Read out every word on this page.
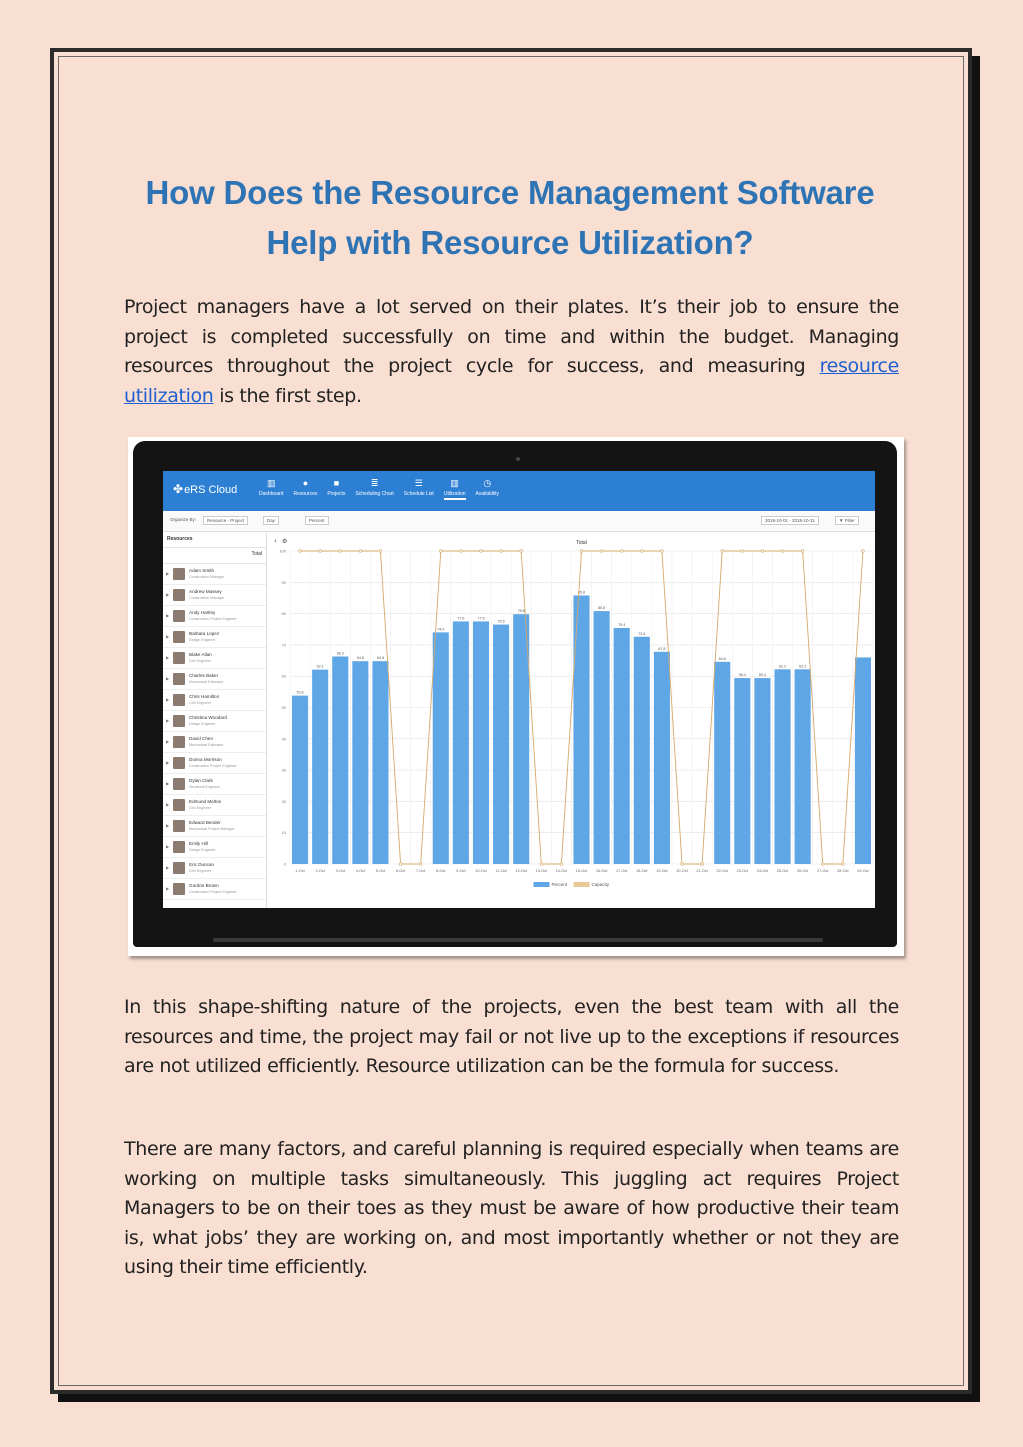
How Does the Resource Management Software
Help with Resource Utilization?
Project managers have a lot served on their plates. It’s their job to ensure the project is completed successfully on time and within the budget. Managing resources throughout the project cycle for success, and measuring resource utilization is the first step.
✤eRS Cloud
▥
Dashboard
●
Resources
■
Projects
≣
Scheduling Chart
☰
Schedule List
▥
Utilization
◷
Availability
Organize By:	Resource - Project	Day	Percent	2018-10-01 - 2018-10-31	▼ Filter
Resources
Total
▶
Adam Smith
Construction Manager
▶
Andrew Massey
Construction Manager
▶
Andy Hartley
Construction Project Engineer
▶
Barbara Lopez
Design Engineer
▶
Blake Allan
Civil Engineer
▶
Charles Baker
Mechanical Estimator
▶
Chris Hamilton
Civil Engineer
▶
Christina Woodard
Design Engineer
▶
David Chen
Mechanical Estimator
▶
Donna Morrison
Construction Project Engineer
▶
Dylan Clark
Structural Engineer
▶
Edmund Melton
Civil Engineer
▶
Edward Bender
Mechanical Project Manager
▶
Emily Hill
Design Engineer
▶
Eric Duncan
Civil Engineer
▶
Gordon Brown
Construction Project Engineer
‹ ⚙	Total
0
10
20
30
40
50
60
70
80
90
100
53.8
62.1
66.3
64.8	64.8
74.0
77.5	77.5
76.5
79.8
85.8
80.8
75.4
72.6
67.8
64.6
59.4	59.4
62.2	62.2
1-Oct	2-Oct	3-Oct	4-Oct	5-Oct	6-Oct	7-Oct	8-Oct	9-Oct	10-Oct 11-Oct 12-Oct 13-Oct 14-Oct 15-Oct 16-Oct 17-Oct 18-Oct 19-Oct 20-Oct 21-Oct 22-Oct 23-Oct 24-Oct 25-Oct 26-Oct 27-Oct 28-Oct 29-Oct
Percent	Capacity
In this shape-shifting nature of the projects, even the best team with all the resources and time, the project may fail or not live up to the exceptions if resources are not utilized efficiently. Resource utilization can be the formula for success.
There are many factors, and careful planning is required especially when teams are working on multiple tasks simultaneously. This juggling act requires Project Managers to be on their toes as they must be aware of how productive their team is, what jobs’ they are working on, and most importantly whether or not they are using their time efficiently.
